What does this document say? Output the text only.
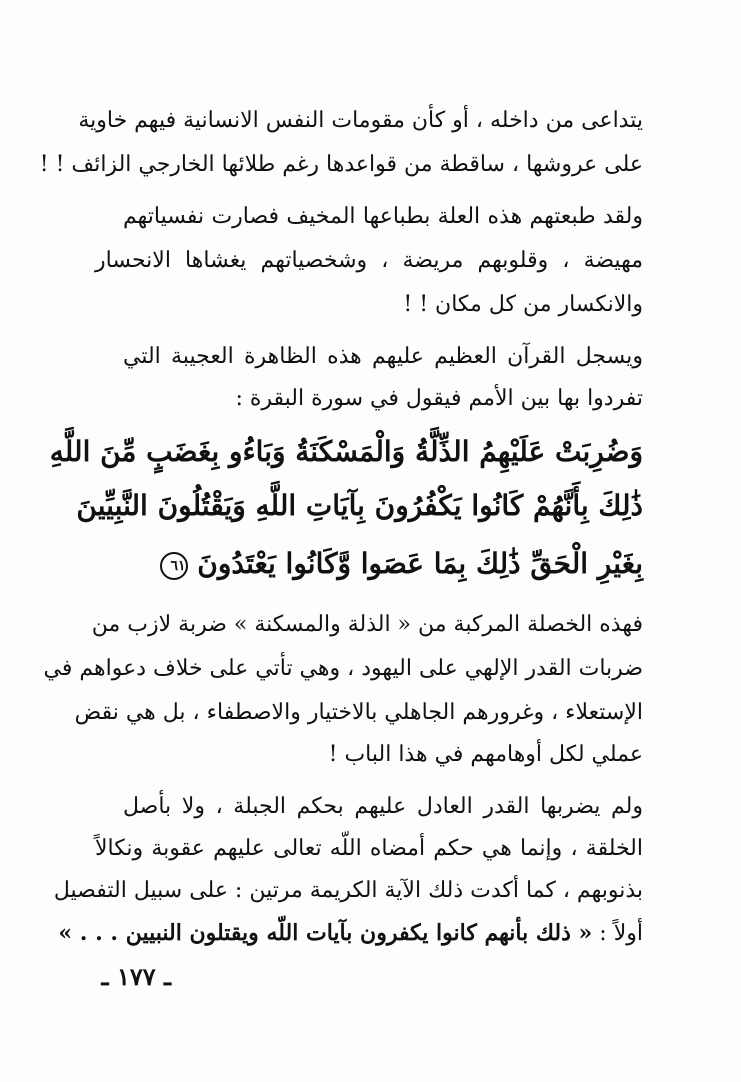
يتداعى من داخله ، أو كأن مقومات النفس الانسانية فيهم خاوية
على عروشها ، ساقطة من قواعدها رغم طلائها الخارجي الزائف ! !
ولقد طبعتهم هذه العلة بطباعها المخيف فصارت نفسياتهم
مهيضة ، وقلوبهم مريضة ، وشخصياتهم يغشاها الانحسار
والانكسار من كل مكان ! !
ويسجل القرآن العظيم عليهم هذه الظاهرة العجيبة التي
تفردوا بها بين الأمم فيقول في سورة البقرة :
وَضُرِبَتْ عَلَيْهِمُ الذِّلَّةُ وَالْمَسْكَنَةُ وَبَاءُو بِغَضَبٍ مِّنَ اللَّهِ
ذَٰلِكَ بِأَنَّهُمْ كَانُوا يَكْفُرُونَ بِآيَاتِ اللَّهِ وَيَقْتُلُونَ النَّبِيِّينَ
بِغَيْرِ الْحَقِّ ذَٰلِكَ بِمَا عَصَوا وَّكَانُوا يَعْتَدُونَ ٦١
فهذه الخصلة المركبة من « الذلة والمسكنة » ضربة لازب من
ضربات القدر الإلهي على اليهود ، وهي تأتي على خلاف دعواهم في
الإستعلاء ، وغرورهم الجاهلي بالاختيار والاصطفاء ، بل هي نقض
عملي لكل أوهامهم في هذا الباب !
ولم يضربها القدر العادل عليهم بحكم الجبلة ، ولا بأصل
الخلقة ، وإنما هي حكم أمضاه اللّه تعالى عليهم عقوبة ونكالاً
بذنوبهم ، كما أكدت ذلك الآية الكريمة مرتين : على سبيل التفصيل
أولاً : « ذلك بأنهم كانوا يكفرون بآيات اللّه ويقتلون النبيين . . . »
ـ ١٧٧ ـ
